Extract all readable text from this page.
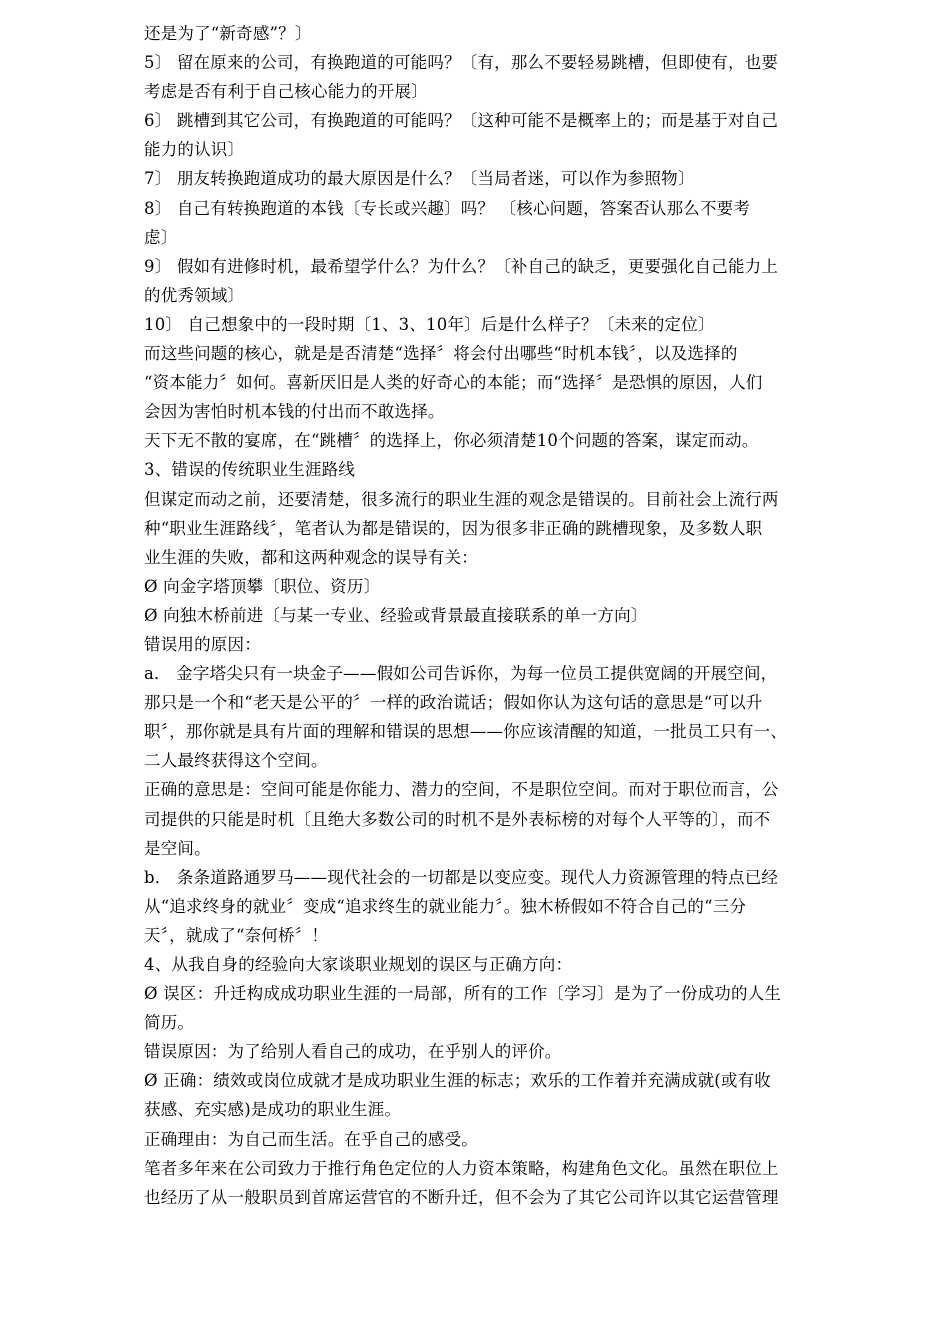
还是为了“新奇感”？〕
5〕 留在原来的公司，有换跑道的可能吗？〔有，那么不要轻易跳槽，但即使有，也要
考虑是否有利于自己核心能力的开展〕
6〕 跳槽到其它公司，有换跑道的可能吗？〔这种可能不是概率上的；而是基于对自己
能力的认识〕
7〕 朋友转换跑道成功的最大原因是什么？〔当局者迷，可以作为参照物〕
8〕 自己有转换跑道的本钱〔专长或兴趣〕吗？ 〔核心问题，答案否认那么不要考
虑〕
9〕 假如有进修时机，最希望学什么？为什么？〔补自己的缺乏，更要强化自己能力上
的优秀领域〕
10〕 自己想象中的一段时期〔1、3、10年〕后是什么样子？〔未来的定位〕
而这些问题的核心，就是是否清楚“选择〞将会付出哪些“时机本钱〞，以及选择的
“资本能力〞如何。喜新厌旧是人类的好奇心的本能；而“选择〞是恐惧的原因，人们
会因为害怕时机本钱的付出而不敢选择。
天下无不散的宴席，在“跳槽〞的选择上，你必须清楚10个问题的答案，谋定而动。
3、错误的传统职业生涯路线
但谋定而动之前，还要清楚，很多流行的职业生涯的观念是错误的。目前社会上流行两
种“职业生涯路线〞，笔者认为都是错误的，因为很多非正确的跳槽现象，及多数人职
业生涯的失败，都和这两种观念的误导有关：
Ø 向金字塔顶攀〔职位、资历〕
Ø 向独木桥前进〔与某一专业、经验或背景最直接联系的单一方向〕
错误用的原因：
a． 金字塔尖只有一块金子——假如公司告诉你，为每一位员工提供宽阔的开展空间，
那只是一个和“老天是公平的〞一样的政治谎话；假如你认为这句话的意思是“可以升
职〞，那你就是具有片面的理解和错误的思想——你应该清醒的知道，一批员工只有一、
二人最终获得这个空间。
正确的意思是：空间可能是你能力、潜力的空间，不是职位空间。而对于职位而言，公
司提供的只能是时机〔且绝大多数公司的时机不是外表标榜的对每个人平等的〕，而不
是空间。
b． 条条道路通罗马——现代社会的一切都是以变应变。现代人力资源管理的特点已经
从“追求终身的就业〞变成“追求终生的就业能力〞。独木桥假如不符合自己的“三分
天〞，就成了“奈何桥〞！
4、从我自身的经验向大家谈职业规划的误区与正确方向：
Ø 误区：升迁构成成功职业生涯的一局部，所有的工作〔学习〕是为了一份成功的人生
简历。
错误原因：为了给别人看自己的成功，在乎别人的评价。
Ø 正确：绩效或岗位成就才是成功职业生涯的标志；欢乐的工作着并充满成就(或有收
获感、充实感)是成功的职业生涯。
正确理由：为自己而生活。在乎自己的感受。
笔者多年来在公司致力于推行角色定位的人力资本策略，构建角色文化。虽然在职位上
也经历了从一般职员到首席运营官的不断升迁，但不会为了其它公司许以其它运营管理
